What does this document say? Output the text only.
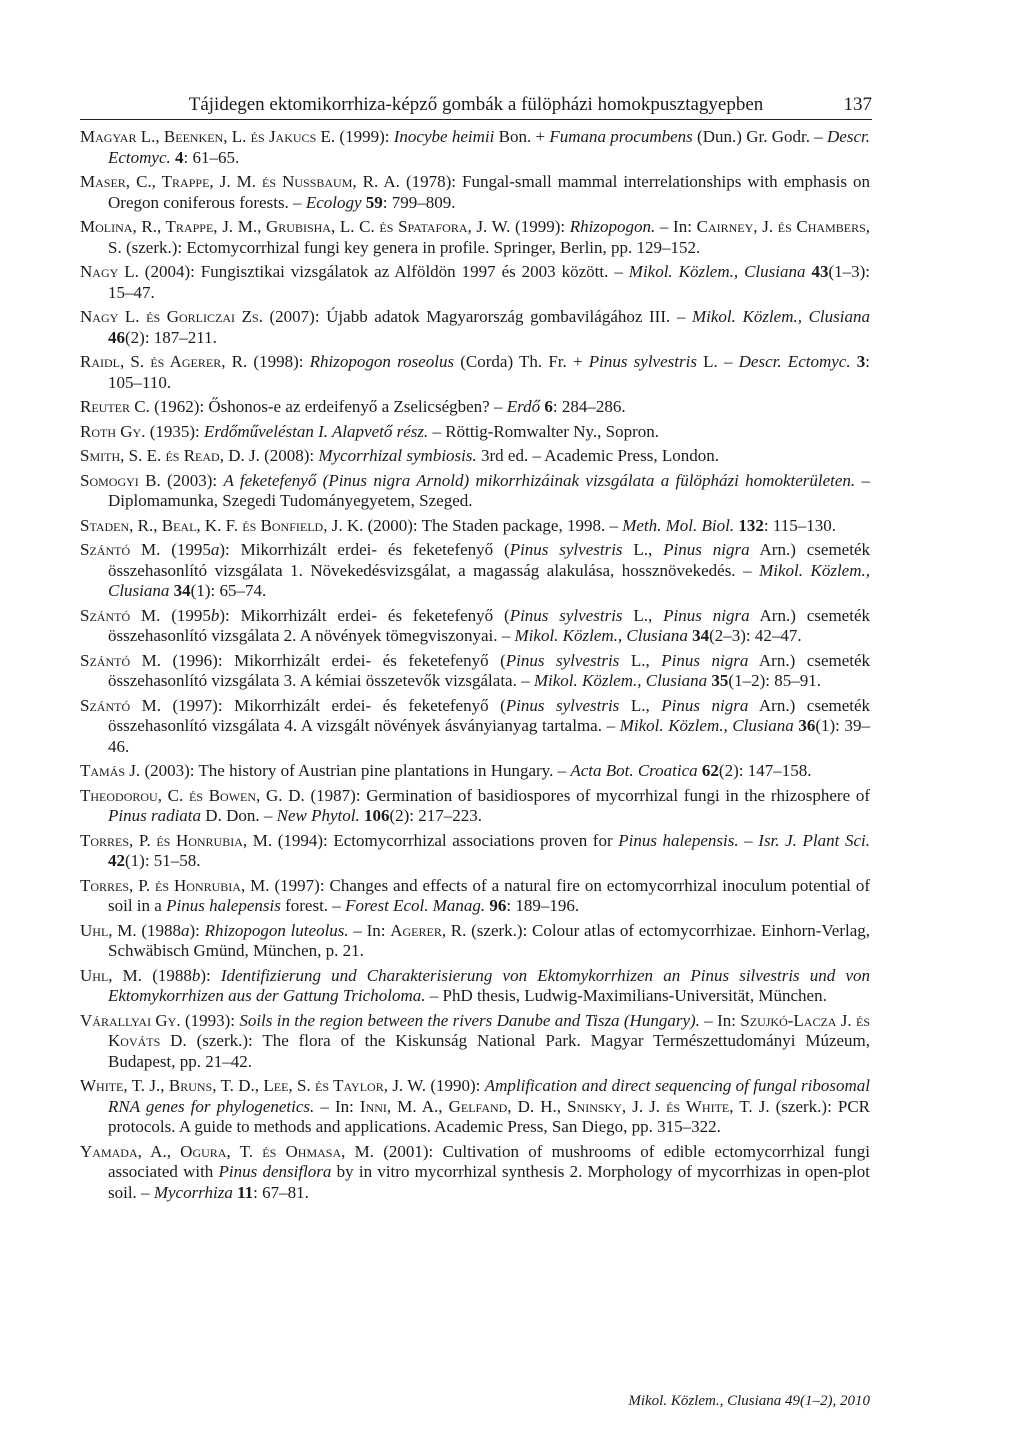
Tájidegen ektomikorrhiza-képző gombák a fülöpházi homokpusztagyepben	137

Magyar L., Beenken, L. és Jakucs E. (1999): Inocybe heimii Bon. + Fumana procumbens (Dun.) Gr. Godr. – Descr. Ectomyc. 4: 61–65.

Maser, C., Trappe, J. M. és Nussbaum, R. A. (1978): Fungal-small mammal interrelationships with emphasis on Oregon coniferous forests. – Ecology 59: 799–809.

Molina, R., Trappe, J. M., Grubisha, L. C. és Spatafora, J. W. (1999): Rhizopogon. – In: Cairney, J. és Chambers, S. (szerk.): Ectomycorrhizal fungi key genera in profile. Springer, Berlin, pp. 129–152.

Nagy L. (2004): Fungisztikai vizsgálatok az Alföldön 1997 és 2003 között. – Mikol. Közlem., Clusiana 43(1–3): 15–47.

Nagy L. és Gorliczai Zs. (2007): Újabb adatok Magyarország gombavilágához III. – Mikol. Közlem., Clusiana 46(2): 187–211.

Raidl, S. és Agerer, R. (1998): Rhizopogon roseolus (Corda) Th. Fr. + Pinus sylvestris L. – Descr. Ectomyc. 3: 105–110.

Reuter C. (1962): Őshonos-e az erdeifenyő a Zselicségben? – Erdő 6: 284–286.

Roth Gy. (1935): Erdőműveléstan I. Alapvető rész. – Röttig-Romwalter Ny., Sopron.

Smith, S. E. és Read, D. J. (2008): Mycorrhizal symbiosis. 3rd ed. – Academic Press, London.

Somogyi B. (2003): A feketefenyő (Pinus nigra Arnold) mikorrhizáinak vizsgálata a fülöpházi homokterületen. – Diplomamunka, Szegedi Tudományegyetem, Szeged.

Staden, R., Beal, K. F. és Bonfield, J. K. (2000): The Staden package, 1998. – Meth. Mol. Biol. 132: 115–130.

Szántó M. (1995a): Mikorrhizált erdei- és feketefenyő (Pinus sylvestris L., Pinus nigra Arn.) csemeték összehasonlító vizsgálata 1. Növekedésvizsgálat, a magasság alakulása, hossznövekedés. – Mikol. Közlem., Clusiana 34(1): 65–74.

Szántó M. (1995b): Mikorrhizált erdei- és feketefenyő (Pinus sylvestris L., Pinus nigra Arn.) csemeték összehasonlító vizsgálata 2. A növények tömegviszonyai. – Mikol. Közlem., Clusiana 34(2–3): 42–47.

Szántó M. (1996): Mikorrhizált erdei- és feketefenyő (Pinus sylvestris L., Pinus nigra Arn.) csemeték összehasonlító vizsgálata 3. A kémiai összetevők vizsgálata. – Mikol. Közlem., Clusiana 35(1–2): 85–91.

Szántó M. (1997): Mikorrhizált erdei- és feketefenyő (Pinus sylvestris L., Pinus nigra Arn.) csemeték összehasonlító vizsgálata 4. A vizsgált növények ásványianyag tartalma. – Mikol. Közlem., Clusiana 36(1): 39–46.

Tamás J. (2003): The history of Austrian pine plantations in Hungary. – Acta Bot. Croatica 62(2): 147–158.

Theodorou, C. és Bowen, G. D. (1987): Germination of basidiospores of mycorrhizal fungi in the rhizosphere of Pinus radiata D. Don. – New Phytol. 106(2): 217–223.

Torres, P. és Honrubia, M. (1994): Ectomycorrhizal associations proven for Pinus halepensis. – Isr. J. Plant Sci. 42(1): 51–58.

Torres, P. és Honrubia, M. (1997): Changes and effects of a natural fire on ectomycorrhizal inoculum potential of soil in a Pinus halepensis forest. – Forest Ecol. Manag. 96: 189–196.

Uhl, M. (1988a): Rhizopogon luteolus. – In: Agerer, R. (szerk.): Colour atlas of ectomycorrhizae. Einhorn-Verlag, Schwäbisch Gmünd, München, p. 21.

Uhl, M. (1988b): Identifizierung und Charakterisierung von Ektomykorrhizen an Pinus silvestris und von Ektomykorrhizen aus der Gattung Tricholoma. – PhD thesis, Ludwig-Maximilians-Universität, München.

Várallyai Gy. (1993): Soils in the region between the rivers Danube and Tisza (Hungary). – In: Szujkó-Lacza J. és Kováts D. (szerk.): The flora of the Kiskunság National Park. Magyar Természettudományi Múzeum, Budapest, pp. 21–42.

White, T. J., Bruns, T. D., Lee, S. és Taylor, J. W. (1990): Amplification and direct sequencing of fungal ribosomal RNA genes for phylogenetics. – In: Inni, M. A., Gelfand, D. H., Sninsky, J. J. és White, T. J. (szerk.): PCR protocols. A guide to methods and applications. Academic Press, San Diego, pp. 315–322.

Yamada, A., Ogura, T. és Ohmasa, M. (2001): Cultivation of mushrooms of edible ectomycorrhizal fungi associated with Pinus densiflora by in vitro mycorrhizal synthesis 2. Morphology of mycorrhizas in open-plot soil. – Mycorrhiza 11: 67–81.

Mikol. Közlem., Clusiana 49(1–2), 2010
